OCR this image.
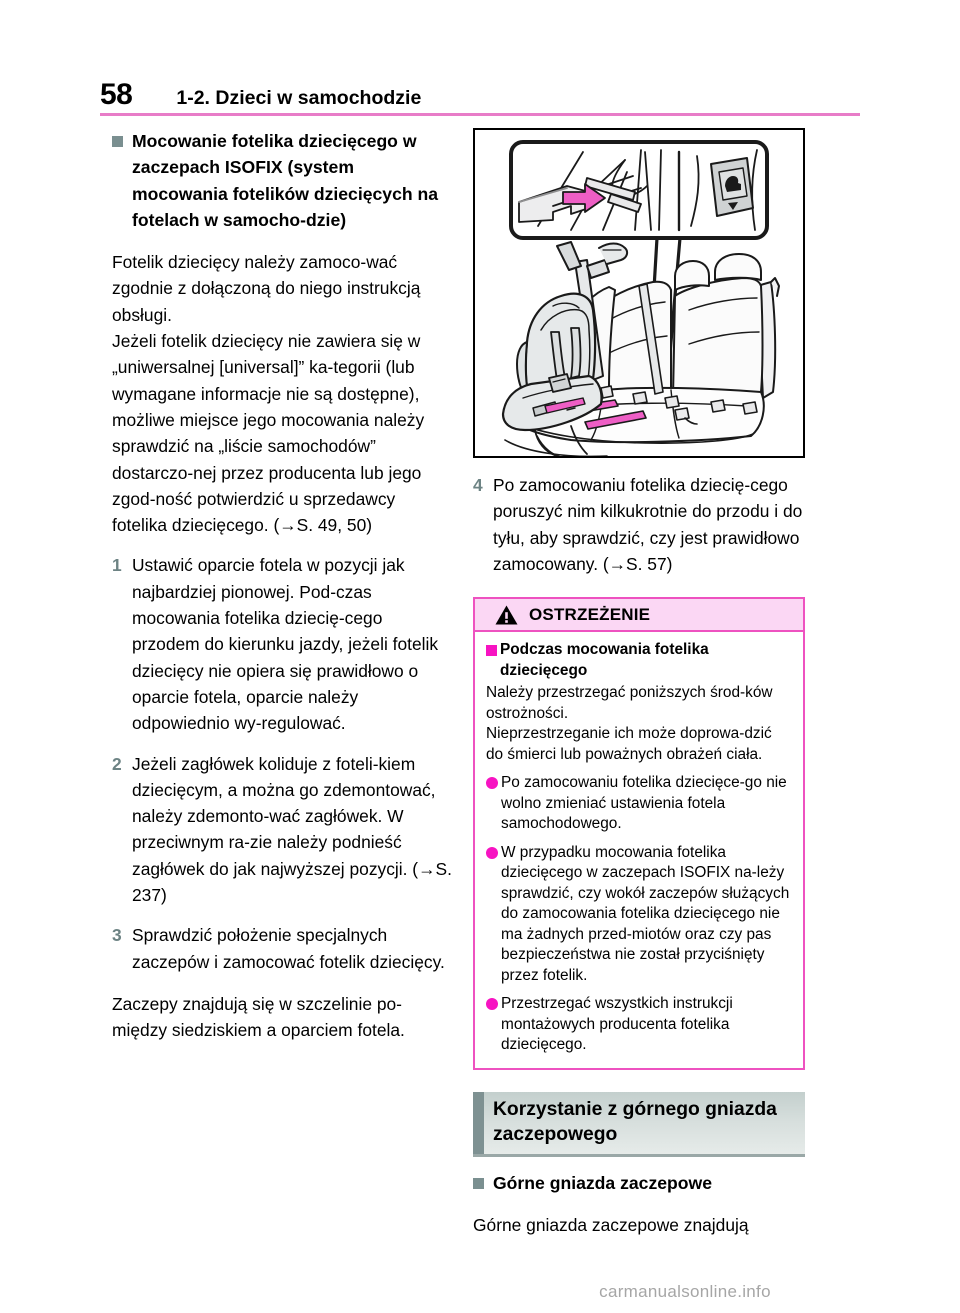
58 1-2. Dzieci w samochodzie
Mocowanie fotelika dziecięcego w zaczepach ISOFIX (system mocowania fotelików dziecięcych na fotelach w samocho-dzie)
Fotelik dziecięcy należy zamoco-wać zgodnie z dołączoną do niego instrukcją obsługi.
Jeżeli fotelik dziecięcy nie zawiera się w „uniwersalnej [universal]” ka-tegorii (lub wymagane informacje nie są dostępne), możliwe miejsce jego mocowania należy sprawdzić na „liście samochodów” dostarczo-nej przez producenta lub jego zgod-ność potwierdzić u sprzedawcy fotelika dziecięcego. (→S. 49, 50)
1 Ustawić oparcie fotela w pozycji jak najbardziej pionowej. Pod-czas mocowania fotelika dziecię-cego przodem do kierunku jazdy, jeżeli fotelik dziecięcy nie opiera się prawidłowo o oparcie fotela, oparcie należy odpowiednio wy-regulować.
2 Jeżeli zagłówek koliduje z foteli-kiem dziecięcym, a można go zdemontować, należy zdemonto-wać zagłówek. W przeciwnym ra-zie należy podnieść zagłówek do jak najwyższej pozycji. (→S. 237)
3 Sprawdzić położenie specjalnych zaczepów i zamocować fotelik dziecięcy.
Zaczepy znajdują się w szczelinie po-między siedziskiem a oparciem fotela.
4 Po zamocowaniu fotelika dziecię-cego poruszyć nim kilkukrotnie do przodu i do tyłu, aby sprawdzić, czy jest prawidłowo zamocowany. (→S. 57)
OSTRZEŻENIE
Podczas mocowania fotelika dziecięcego
Należy przestrzegać poniższych środ-ków ostrożności.
Nieprzestrzeganie ich może doprowa-dzić do śmierci lub poważnych obrażeń ciała.
Po zamocowaniu fotelika dziecięce-go nie wolno zmieniać ustawienia fotela samochodowego.
W przypadku mocowania fotelika dziecięcego w zaczepach ISOFIX na-leży sprawdzić, czy wokół zaczepów służących do zamocowania fotelika dziecięcego nie ma żadnych przed-miotów oraz czy pas bezpieczeństwa nie został przyciśnięty przez fotelik.
Przestrzegać wszystkich instrukcji montażowych producenta fotelika dziecięcego.
Korzystanie z górnego gniazda zaczepowego
Górne gniazda zaczepowe
Górne gniazda zaczepowe znajdują
carmanualsonline.info
